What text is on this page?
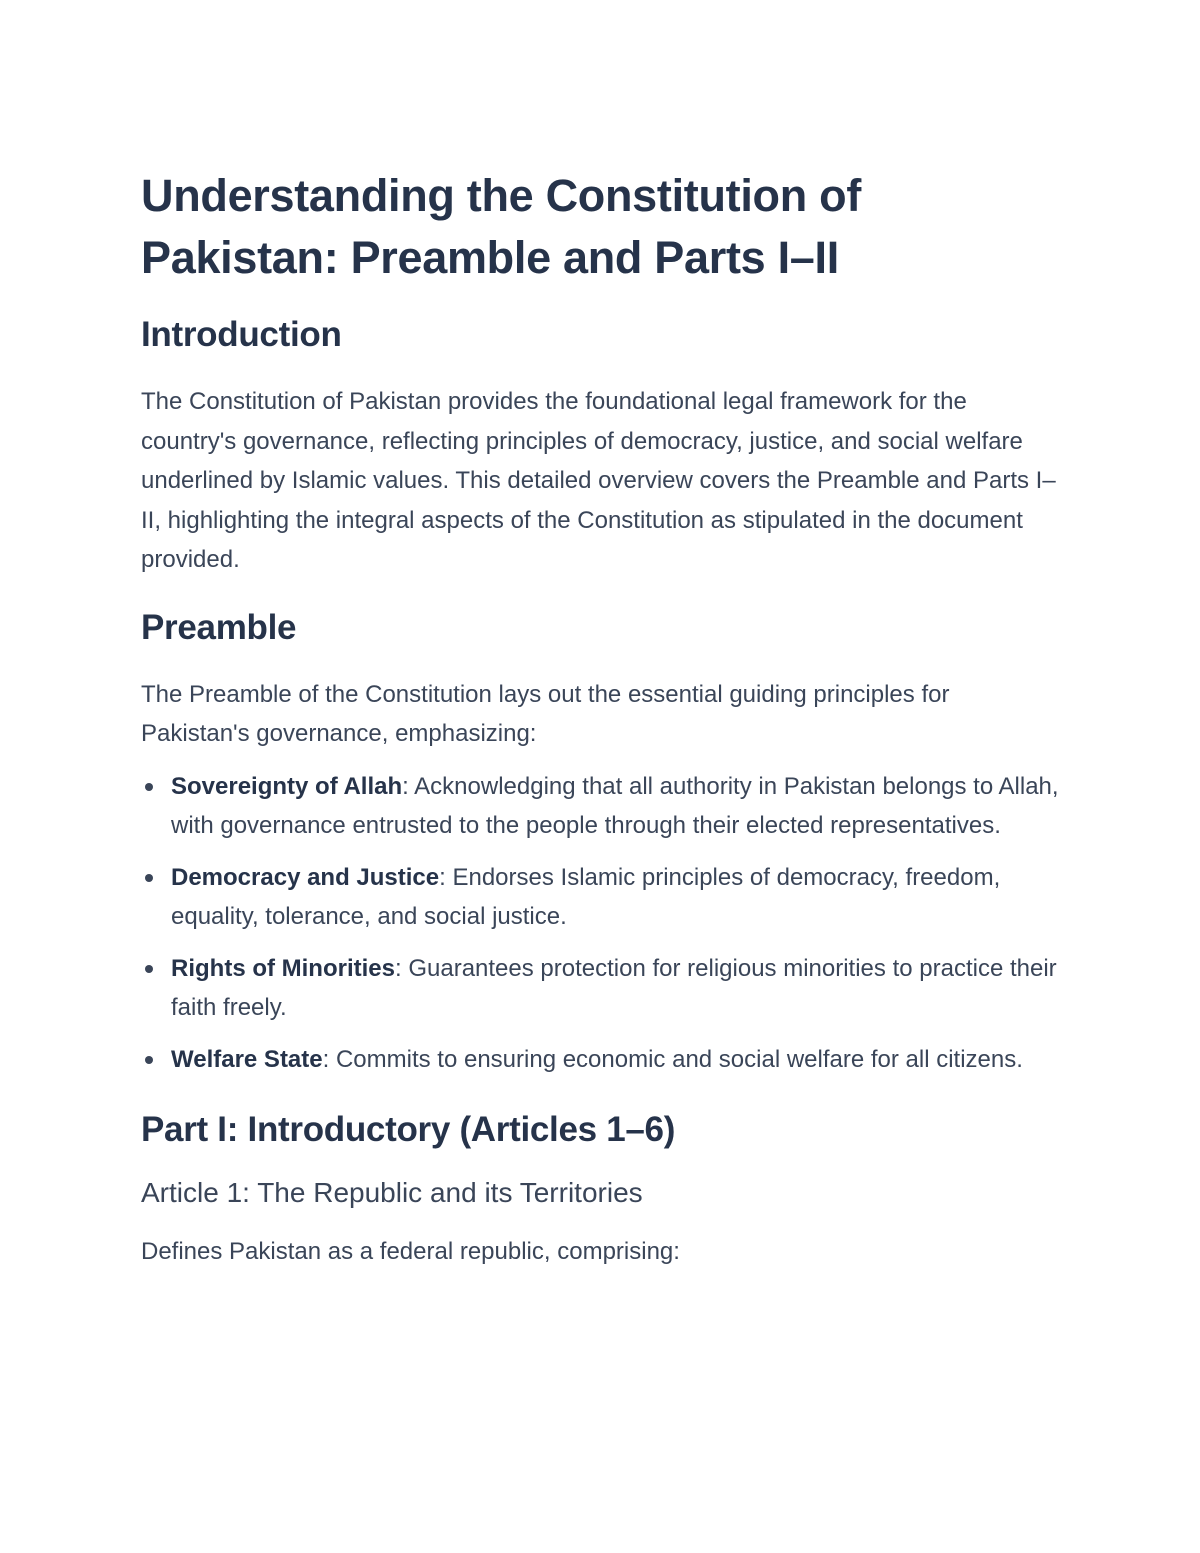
Understanding the Constitution of Pakistan: Preamble and Parts I–II
Introduction

The Constitution of Pakistan provides the foundational legal framework for the country's governance, reflecting principles of democracy, justice, and social welfare underlined by Islamic values. This detailed overview covers the Preamble and Parts I–II, highlighting the integral aspects of the Constitution as stipulated in the document provided.

Preamble

The Preamble of the Constitution lays out the essential guiding principles for Pakistan's governance, emphasizing:

Sovereignty of Allah: Acknowledging that all authority in Pakistan belongs to Allah, with governance entrusted to the people through their elected representatives.
Democracy and Justice: Endorses Islamic principles of democracy, freedom, equality, tolerance, and social justice.
Rights of Minorities: Guarantees protection for religious minorities to practice their faith freely.
Welfare State: Commits to ensuring economic and social welfare for all citizens.
Part I: Introductory (Articles 1–6)
Article 1: The Republic and its Territories

Defines Pakistan as a federal republic, comprising:
